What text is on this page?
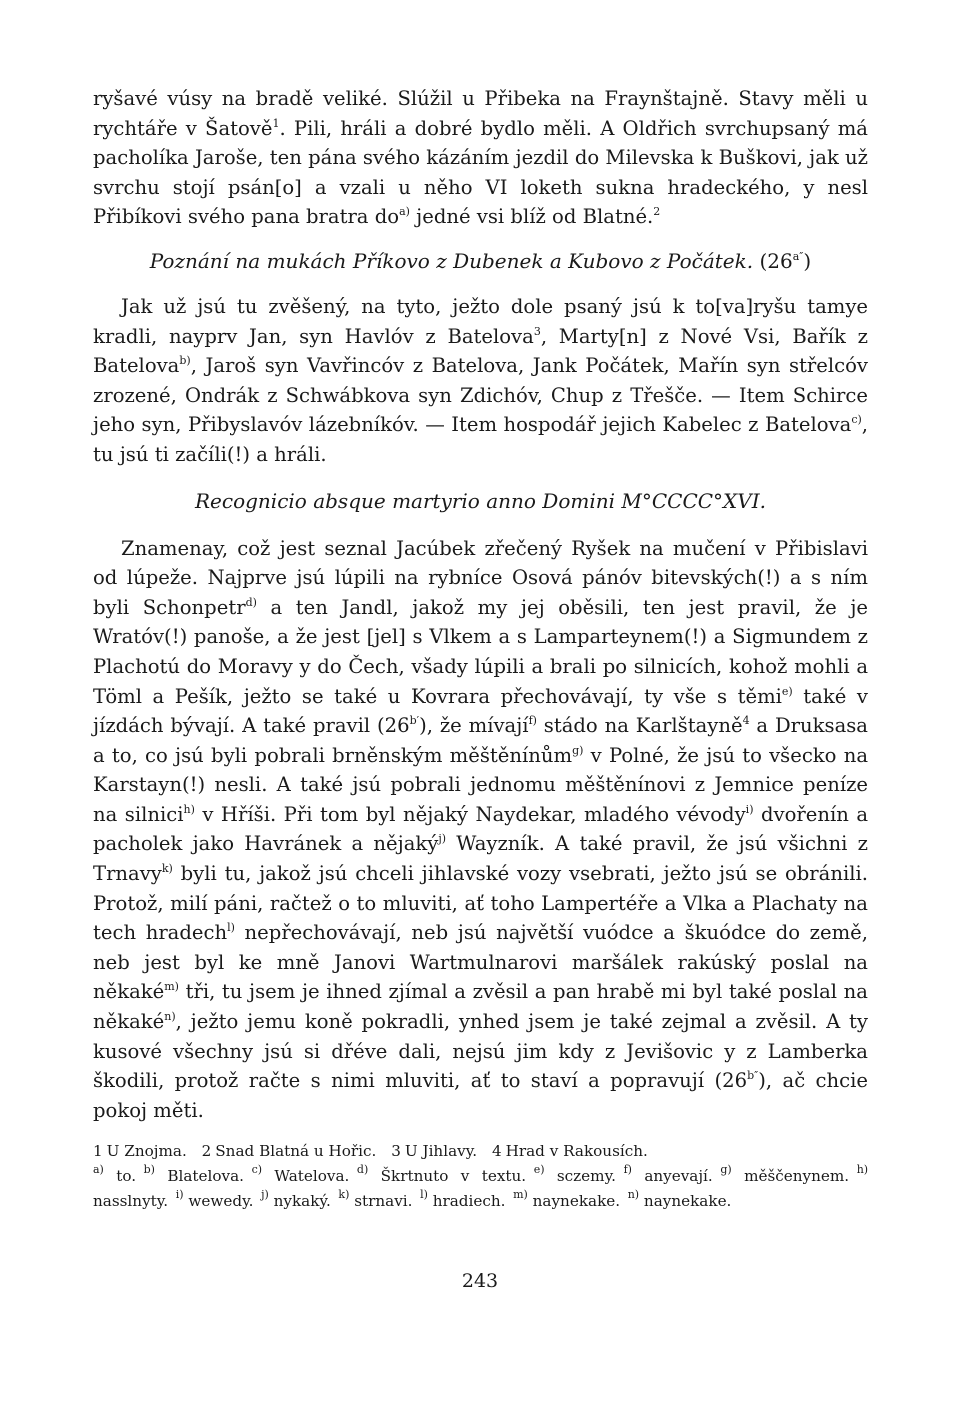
ryšavé vúsy na bradě veliké. Slúžil u Přibeka na Fraynštajně. Stavy měli u rychtáře v Šatově$^1$. Pili, hráli a dobré bydlo měli. A Oldřich svrchupsaný má pacholíka Jaroše, ten pána svého kázáním jezdil do Milevska k Buškovi, jak už svrchu stojí psán[o] a vzali u něho VI loketh sukna hradeckého, y nesl Přibíkovi svého pana bratra $do^{a)}$ jedné vsi blíž od Blatné.$^2$

Poznání na mukách Příkovo z Dubenek a Kubovo z Počátek. $(26^{a''})$

Jak už jsú tu zvěšený, na tyto, ježto dole psaný jsú k to[va]ryšu tamye kradli, nayprv Jan, syn Havlóv z Batelova$^3$, Marty[n] z Nové Vsi, Bařík z Batelova$^{b)}$, Jaroš syn Vavřincóv z Batelova, Jank Počátek, Mařín syn střelcóv zrozené, Ondrák z Schwábkova syn Zdichóv, Chup z Třešče. — Item Schirce jeho syn, Přibyslavóv lázebníkóv. — Item hospodář jejich Kabelec z Batelova$^{c)}$, tu jsú ti začíli(!) a hráli.

Recognicio absque martyrio anno Domini M°CCCC°XVI.

Znamenay, což jest seznal Jacúbek zřečený Ryšek na mučení v Přibislavi od lúpeže. Najprve jsú lúpili na rybníce Osová pánóv bitevských(!) a s ním byli Schonpetr$^{d)}$ a ten Jandl, jakož my jej oběsili, ten jest pravil, že je Wratóv(!) panoše, a že jest [jel] s Vlkem a s Lamparteynem(!) a Sigmundem z Plachotú do Moravy y do Čech, všady lúpili a brali po silnicích, kohož mohli a Töml a Pešík, ježto se také u Kovrara přechovávají, ty vše s těmi$^{e)}$ také v jízdách bývají. A také pravil $(26^{b'})$, že mívají$^{f)}$ stádo na Karlštayně$^4$ a Druksasa a to, co jsú byli pobrali brněnským měštěnínům$^{g)}$ v Polné, že jsú to všecko na Karstayn(!) nesli. A také jsú pobrali jednomu měštěnínovi z Jemnice peníze na silnici$^{h)}$ v Hříši. Při tom byl nějaký Naydekar, mladého vévody$^{i)}$ dvořenín a pacholek jako Havránek a nějaký$^{j)}$ Wayzník. A také pravil, že jsú všichni z Trnavy$^{k)}$ byli tu, jakož jsú chceli jihlavské vozy vsebrati, ježto jsú se obránili. Protož, milí páni, račtež o to mluviti, ať toho Lampertéře a Vlka a Plachaty na tech hradech$^{l)}$ nepřechovávají, neb jsú najvětší vuódce a škuódce do země, neb jest byl ke mně Janovi Wartmulnarovi maršálek rakúský poslal na někaké$^{m)}$ tři, tu jsem je ihned zjímal a zvěsil a pan hrabě mi byl také poslal na někaké$^{n)}$, ježto jemu koně pokradli, ynhed jsem je také zejmal a zvěsil. A ty kusové všechny jsú si dřéve dali, nejsú jim kdy z Jevišovic y z Lamberka škodili, protož račte s nimi mluviti, ať to staví a popravují $(26^{b''})$, ač chcie pokoj měti.

1 U Znojma. 2 Snad Blatná u Hořic. 3 U Jihlavy. 4 Hrad v Rakousích.

$^{a)}$ to.  $^{b)}$ Blatelova.  $^{c)}$ Watelova.  $^{d)}$ Škrtnuto v textu.  $^{e)}$ sczemy.  $^{f)}$ anyevají.  $^{g)}$ měščenynem.  $^{h)}$ nasslnyty.  $^{i)}$ wewedy.  $^{j)}$ nykaký.  $^{k)}$ strnavi.  $^{l)}$ hradiech.  $^{m)}$ naynekake.  $^{n)}$ naynekake. 

243
